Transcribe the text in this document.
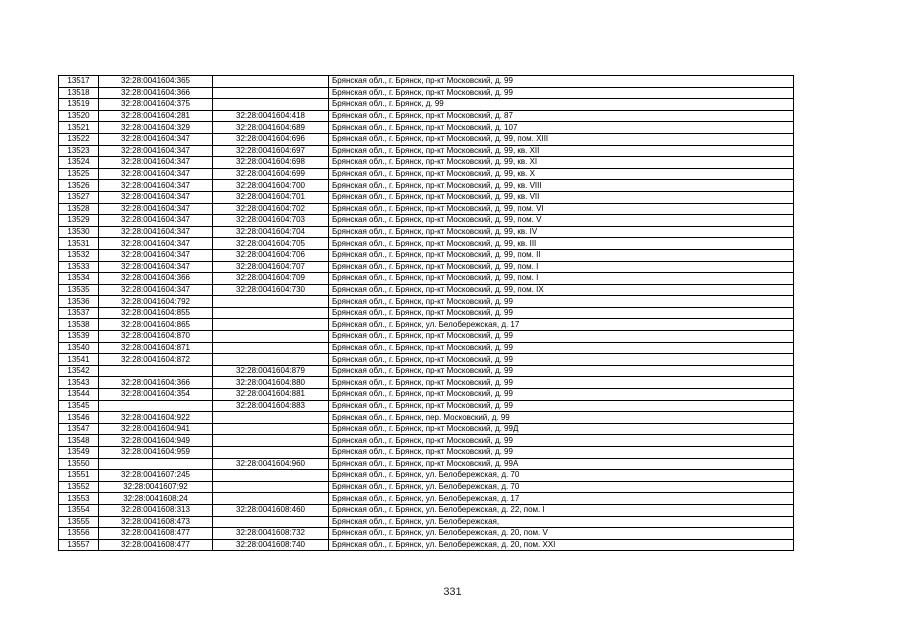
13517	32:28:0041604:365		Брянская обл., г. Брянск, пр-кт Московский, д. 99
13518	32:28:0041604:366		Брянская обл., г. Брянск, пр-кт Московский, д. 99
13519	32:28:0041604:375		Брянская обл., г. Брянск, д. 99
13520	32:28:0041604:281	32:28:0041604:418	Брянская обл., г. Брянск, пр-кт Московский, д. 87
13521	32:28:0041604:329	32:28:0041604:689	Брянская обл., г. Брянск, пр-кт Московский, д. 107
13522	32:28:0041604:347	32:28:0041604:696	Брянская обл., г. Брянск, пр-кт Московский, д. 99, пом. XIII
13523	32:28:0041604:347	32:28:0041604:697	Брянская обл., г. Брянск, пр-кт Московский, д. 99, кв. XII
13524	32:28:0041604:347	32:28:0041604:698	Брянская обл., г. Брянск, пр-кт Московский, д. 99, кв. XI
13525	32:28:0041604:347	32:28:0041604:699	Брянская обл., г. Брянск, пр-кт Московский, д. 99, кв. X
13526	32:28:0041604:347	32:28:0041604:700	Брянская обл., г. Брянск, пр-кт Московский, д. 99, кв. VIII
13527	32:28:0041604:347	32:28:0041604:701	Брянская обл., г. Брянск, пр-кт Московский, д. 99, кв. VII
13528	32:28:0041604:347	32:28:0041604:702	Брянская обл., г. Брянск, пр-кт Московский, д. 99, пом. VI
13529	32:28:0041604:347	32:28:0041604:703	Брянская обл., г. Брянск, пр-кт Московский, д. 99, пом. V
13530	32:28:0041604:347	32:28:0041604:704	Брянская обл., г. Брянск, пр-кт Московский, д. 99, кв. IV
13531	32:28:0041604:347	32:28:0041604:705	Брянская обл., г. Брянск, пр-кт Московский, д. 99, кв. III
13532	32:28:0041604:347	32:28:0041604:706	Брянская обл., г. Брянск, пр-кт Московский, д. 99, пом. II
13533	32:28:0041604:347	32:28:0041604:707	Брянская обл., г. Брянск, пр-кт Московский, д. 99, пом. I
13534	32:28:0041604:366	32:28:0041604:709	Брянская обл., г. Брянск, пр-кт Московский, д. 99, пом. I
13535	32:28:0041604:347	32:28:0041604:730	Брянская обл., г. Брянск, пр-кт Московский, д. 99, пом. IX
13536	32:28:0041604:792		Брянская обл., г. Брянск, пр-кт Московский, д. 99
13537	32:28:0041604:855		Брянская обл., г. Брянск, пр-кт Московский, д. 99
13538	32:28:0041604:865		Брянская обл., г. Брянск, ул. Белобережская, д. 17
13539	32:28:0041604:870		Брянская обл., г. Брянск, пр-кт Московский, д. 99
13540	32:28:0041604:871		Брянская обл., г. Брянск, пр-кт Московский, д. 99
13541	32:28:0041604:872		Брянская обл., г. Брянск, пр-кт Московский, д. 99
13542		32:28:0041604:879	Брянская обл., г. Брянск, пр-кт Московский, д. 99
13543	32:28:0041604:366	32:28:0041604:880	Брянская обл., г. Брянск, пр-кт Московский, д. 99
13544	32:28:0041604:354	32:28:0041604:881	Брянская обл., г. Брянск, пр-кт Московский, д. 99
13545		32:28:0041604:883	Брянская обл., г. Брянск, пр-кт Московский, д. 99
13546	32:28:0041604:922		Брянская обл., г. Брянск, пер. Московский, д. 99
13547	32:28:0041604:941		Брянская обл., г. Брянск, пр-кт Московский, д. 99Д
13548	32:28:0041604:949		Брянская обл., г. Брянск, пр-кт Московский, д. 99
13549	32:28:0041604:959		Брянская обл., г. Брянск, пр-кт Московский, д. 99
13550		32:28:0041604:960	Брянская обл., г. Брянск, пр-кт Московский, д. 99А
13551	32:28:0041607:245		Брянская обл., г. Брянск, ул. Белобережская, д. 70
13552	32:28:0041607:92		Брянская обл., г. Брянск, ул. Белобережская, д. 70
13553	32:28:0041608:24		Брянская обл., г. Брянск, ул. Белобережская, д. 17
13554	32:28:0041608:313	32:28:0041608:460	Брянская обл., г. Брянск, ул. Белобережская, д. 22, пом. I
13555	32:28:0041608:473		Брянская обл., г. Брянск, ул. Белобережская,
13556	32:28:0041608:477	32:28:0041608:732	Брянская обл., г. Брянск, ул. Белобережская, д. 20, пом. V
13557	32:28:0041608:477	32:28:0041608:740	Брянская обл., г. Брянск, ул. Белобережская, д. 20, пом. XXI
331
